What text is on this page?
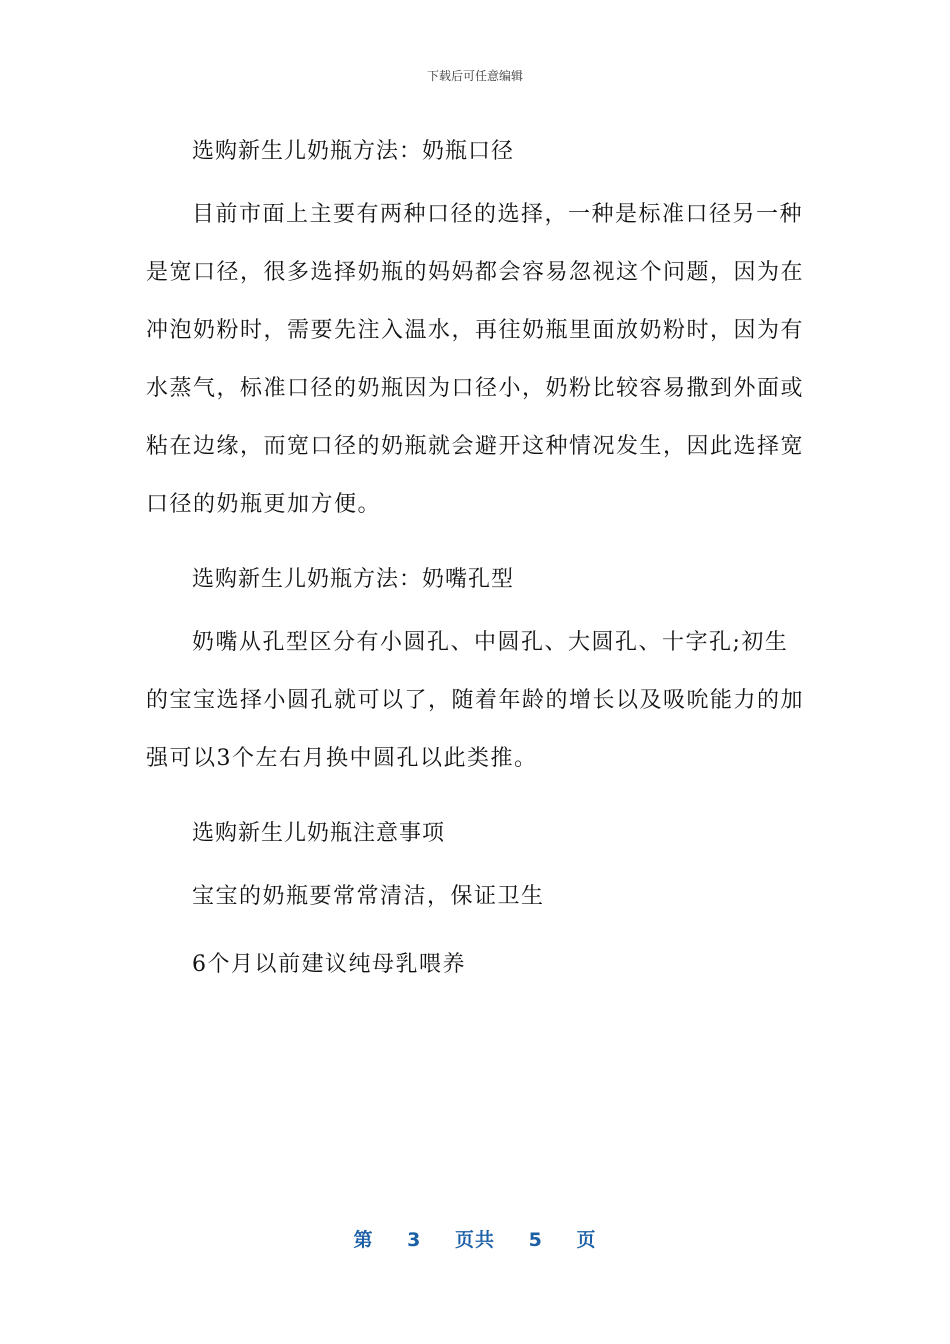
下载后可任意编辑

选购新生儿奶瓶方法：奶瓶口径

目前市面上主要有两种口径的选择，一种是标准口径另一种是宽口径，很多选择奶瓶的妈妈都会容易忽视这个问题，因为在冲泡奶粉时，需要先注入温水，再往奶瓶里面放奶粉时，因为有水蒸气，标准口径的奶瓶因为口径小，奶粉比较容易撒到外面或粘在边缘，而宽口径的奶瓶就会避开这种情况发生，因此选择宽口径的奶瓶更加方便。

选购新生儿奶瓶方法：奶嘴孔型

奶嘴从孔型区分有小圆孔、中圆孔、大圆孔、十字孔;初生的宝宝选择小圆孔就可以了，随着年龄的增长以及吸吮能力的加强可以3个左右月换中圆孔以此类推。

选购新生儿奶瓶注意事项

宝宝的奶瓶要常常清洁，保证卫生

6个月以前建议纯母乳喂养

第 3 页共 5 页
